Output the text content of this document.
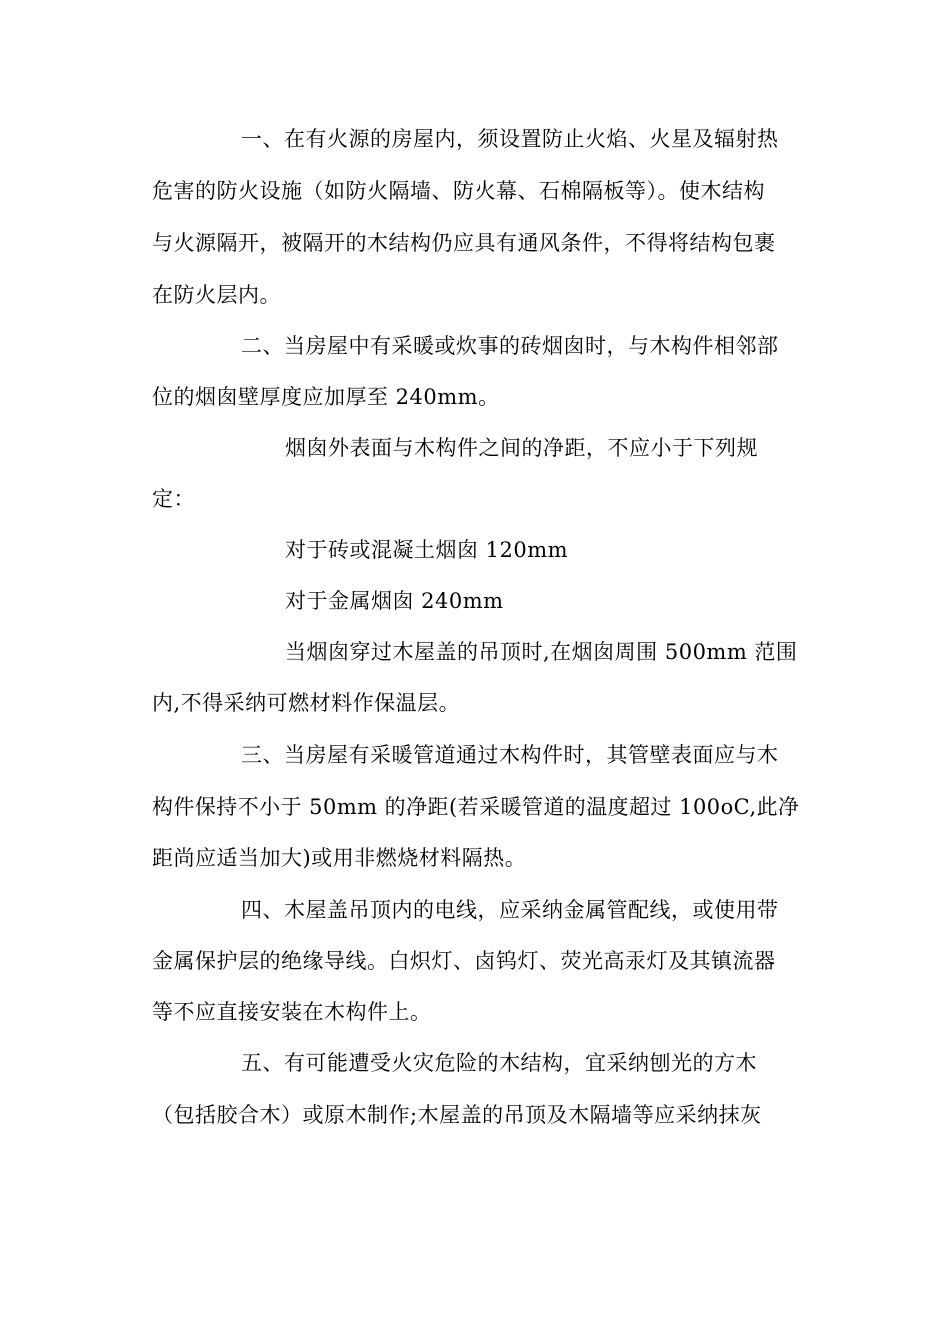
一、在有火源的房屋内，须设置防止火焰、火星及辐射热
危害的防火设施（如防火隔墙、防火幕、石棉隔板等）。使木结构
与火源隔开，被隔开的木结构仍应具有通风条件，不得将结构包裹
在防火层内。
二、当房屋中有采暖或炊事的砖烟囱时，与木构件相邻部
位的烟囱壁厚度应加厚至 240mm。
烟囱外表面与木构件之间的净距，不应小于下列规
定：
对于砖或混凝土烟囱 120mm
对于金属烟囱 240mm
当烟囱穿过木屋盖的吊顶时,在烟囱周围 500mm 范围
内,不得采纳可燃材料作保温层。
三、当房屋有采暖管道通过木构件时，其管壁表面应与木
构件保持不小于 50mm 的净距(若采暖管道的温度超过 100oC,此净
距尚应适当加大)或用非燃烧材料隔热。
四、木屋盖吊顶内的电线，应采纳金属管配线，或使用带
金属保护层的绝缘导线。白炽灯、卤钨灯、荧光高汞灯及其镇流器
等不应直接安装在木构件上。
五、有可能遭受火灾危险的木结构，宜采纳刨光的方木
（包括胶合木）或原木制作;木屋盖的吊顶及木隔墙等应采纳抹灰
